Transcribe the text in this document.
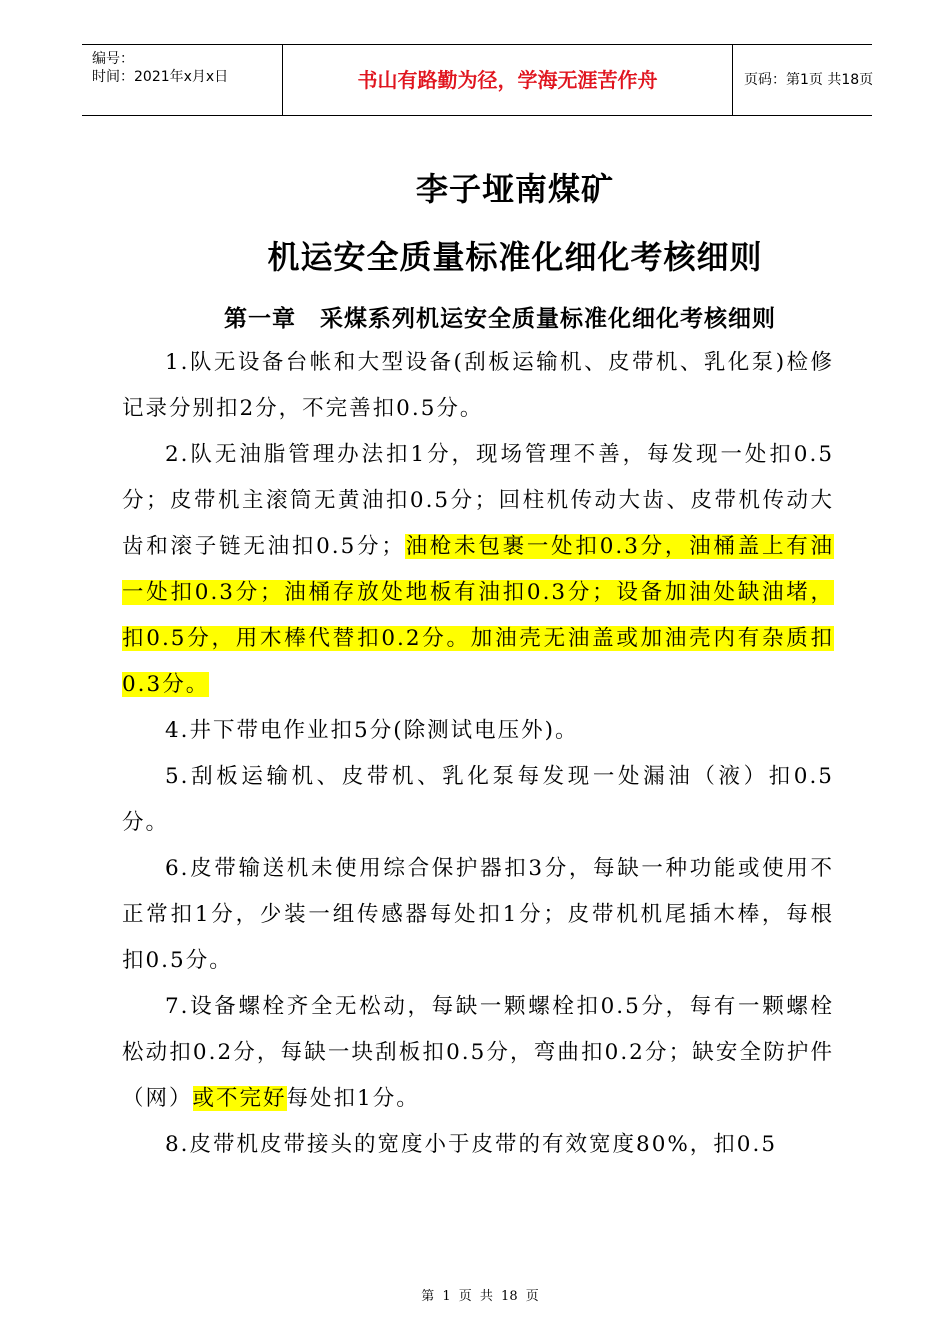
编号：
时间：2021年x月x日	书山有路勤为径，学海无涯苦作舟	页码：第1页 共18页
李子垭南煤矿
机运安全质量标准化细化考核细则
第一章　采煤系列机运安全质量标准化细化考核细则

1.队无设备台帐和大型设备(刮板运输机、皮带机、乳化泵)检修记录分别扣2分，不完善扣0.5分。

2.队无油脂管理办法扣1分，现场管理不善，每发现一处扣0.5分；皮带机主滚筒无黄油扣0.5分；回柱机传动大齿、皮带机传动大齿和滚子链无油扣0.5分；油枪未包裹一处扣0.3分，油桶盖上有油一处扣0.3分；油桶存放处地板有油扣0.3分；设备加油处缺油堵，扣0.5分，用木棒代替扣0.2分。加油壳无油盖或加油壳内有杂质扣0.3分。

4.井下带电作业扣5分(除测试电压外)。

5.刮板运输机、皮带机、乳化泵每发现一处漏油（液）扣0.5分。

6.皮带输送机未使用综合保护器扣3分，每缺一种功能或使用不正常扣1分，少装一组传感器每处扣1分；皮带机机尾插木棒，每根扣0.5分。

7.设备螺栓齐全无松动，每缺一颗螺栓扣0.5分，每有一颗螺栓松动扣0.2分，每缺一块刮板扣0.5分，弯曲扣0.2分；缺安全防护件（网）或不完好每处扣1分。

8.皮带机皮带接头的宽度小于皮带的有效宽度80%，扣0.5

第 1 页 共 18 页
